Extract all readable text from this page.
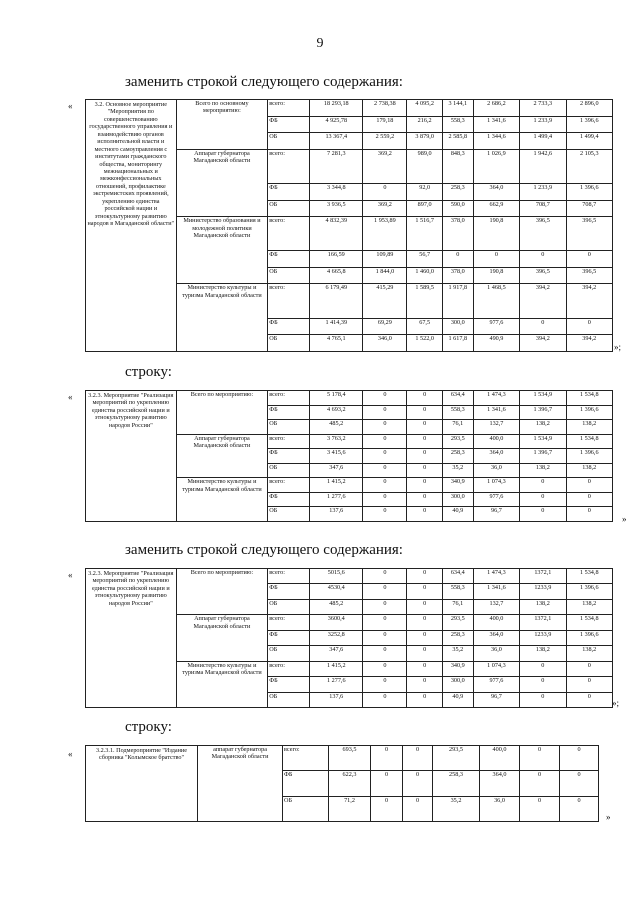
9
заменить строкой следующего содержания:
«	3.2. Основное мероприятие "Мероприятия по совершенствованию государственного управления и взаимодействию органов исполнительной власти и местного самоуправления с институтами гражданского общества, мониторингу межнациональных и межконфессиональных отношений, профилактике экстремистских проявлений, укреплению единства российской нации и этнокультурному развитию народов в Магаданской области"	Всего по основному мероприятию:	всего:	18 293,18	2 738,38	4 095,2	3 144,1	2 686,2	2 733,3	2 896,0
		ФБ	4 925,78	179,18	216,2	558,3	1 341,6	1 233,9	1 396,6
		ОБ	13 367,4	2 559,2	3 879,0	2 585,8	1 344,6	1 499,4	1 499,4
	Аппарат губернатора Магаданской области	всего:	7 281,3	369,2	989,0	848,3	1 026,9	1 942,6	2 105,3
		ФБ	3 344,8	0	92,0	258,3	364,0	1 233,9	1 396,6
		ОБ	3 936,5	369,2	897,0	590,0	662,9	708,7	708,7
	Министерство образования и молодежной политики Магаданской области	всего:	4 832,39	1 953,89	1 516,7	378,0	190,8	396,5	396,5
		ФБ	166,59	109,89	56,7	0	0	0	0
		ОБ	4 665,8	1 844,0	1 460,0	378,0	190,8	396,5	396,5
	Министерство культуры и туризма Магаданской области	всего:	6 179,49	415,29	1 589,5	1 917,8	1 468,5	394,2	394,2
		ФБ	1 414,39	69,29	67,5	300,0	977,6	0	0
		ОБ	4 765,1	346,0	1 522,0	1 617,8	490,9	394,2	394,2
»;
строку:
«	3.2.3. Мероприятие "Реализация мероприятий по укреплению единства российской нации и этнокультурному развитию народов России"	Всего по мероприятию:	всего:	5 178,4	0	0	634,4	1 474,3	1 534,9	1 534,8
		ФБ	4 693,2	0	0	558,3	1 341,6	1 396,7	1 396,6
		ОБ	485,2	0	0	76,1	132,7	138,2	138,2
	Аппарат губернатора Магаданской области	всего:	3 763,2	0	0	293,5	400,0	1 534,9	1 534,8
		ФБ	3 415,6	0	0	258,3	364,0	1 396,7	1 396,6
		ОБ	347,6	0	0	35,2	36,0	138,2	138,2
	Министерство культуры и туризма Магаданской области	всего:	1 415,2	0	0	340,9	1 074,3	0	0
		ФБ	1 277,6	0	0	300,0	977,6	0	0
		ОБ	137,6	0	0	40,9	96,7	0	0
»
заменить строкой следующего содержания:
«	3.2.3. Мероприятие "Реализация мероприятий по укреплению единства российской нации и этнокультурному развитию народов России"	Всего по мероприятию:	всего:	5015,6	0	0	634,4	1 474,3	1372,1	1 534,8
		ФБ	4530,4	0	0	558,3	1 341,6	1233,9	1 396,6
		ОБ	485,2	0	0	76,1	132,7	138,2	138,2
	Аппарат губернатора Магаданской области	всего:	3600,4	0	0	293,5	400,0	1372,1	1 534,8
		ФБ	3252,8	0	0	258,3	364,0	1233,9	1 396,6
		ОБ	347,6	0	0	35,2	36,0	138,2	138,2
	Министерство культуры и туризма Магаданской области	всего:	1 415,2	0	0	340,9	1 074,3	0	0
		ФБ	1 277,6	0	0	300,0	977,6	0	0
		ОБ	137,6	0	0	40,9	96,7	0	0
»;
строку:
«	3.2.3.1. Подмероприятие "Издание сборника "Колымское братство"	аппарат губернатора Магаданской области	всего:	693,5	0	0	293,5	400,0	0	0
		ФБ	622,3	0	0	258,3	364,0	0	0
		ОБ	71,2	0	0	35,2	36,0	0	0
»
